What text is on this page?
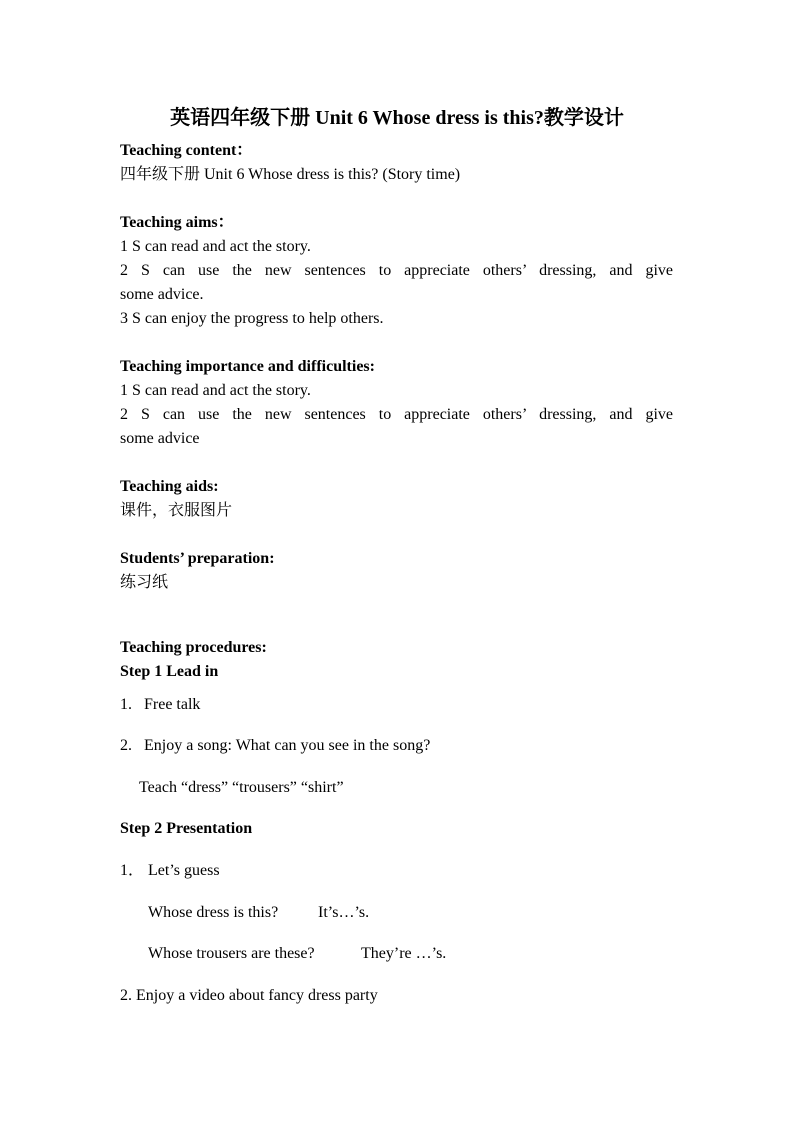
英语四年级下册 Unit 6 Whose dress is this?教学设计
Teaching content：
四年级下册 Unit 6 Whose dress is this? (Story time)
Teaching aims：
1 S can read and act the story.
2 S can use the new sentences to appreciate others’ dressing, and give
some advice.
3 S can enjoy the progress to help others.
Teaching importance and difficulties:
1 S can read and act the story.
2 S can use the new sentences to appreciate others’ dressing, and give
some advice
Teaching aids:
课件，衣服图片
Students’ preparation:
练习纸
Teaching procedures:
Step 1 Lead in
1. Free talk
2. Enjoy a song: What can you see in the song?
Teach “dress” “trousers” “shirt”
Step 2 Presentation
1． Let’s guess
Whose dress is this? It’s…’s.
Whose trousers are these?	They’re …’s.
2. Enjoy a video about fancy dress party
